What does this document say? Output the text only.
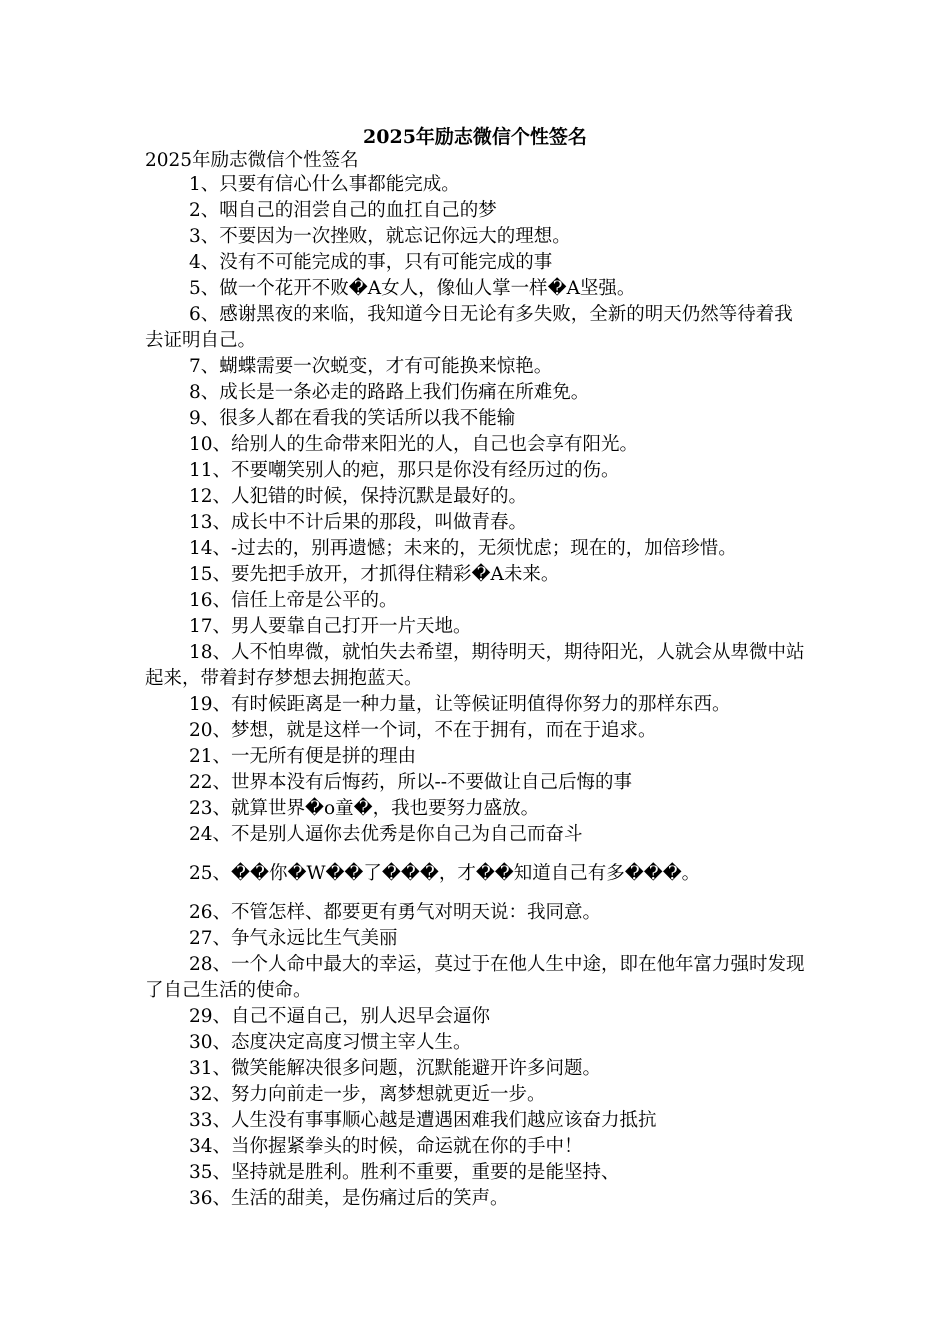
2025年励志微信个性签名

2025年励志微信个性签名

1、只要有信心什么事都能完成。
2、咽自己的泪尝自己的血扛自己的梦
3、不要因为一次挫败，就忘记你远大的理想。
4、没有不可能完成的事，只有可能完成的事
5、做一个花开不败�A女人，像仙人掌一样�A坚强。
6、感谢黑夜的来临，我知道今日无论有多失败，全新的明天仍然等待着我去证明自己。
7、蝴蝶需要一次蜕变，才有可能换来惊艳。
8、成长是一条必走的路路上我们伤痛在所难免。
9、很多人都在看我的笑话所以我不能输
10、给别人的生命带来阳光的人，自己也会享有阳光。
11、不要嘲笑别人的疤，那只是你没有经历过的伤。
12、人犯错的时候，保持沉默是最好的。
13、成长中不计后果的那段，叫做青春。
14、-过去的，别再遗憾；未来的，无须忧虑；现在的，加倍珍惜。
15、要先把手放开，才抓得住精彩�A未来。
16、信任上帝是公平的。
17、男人要靠自己打开一片天地。
18、人不怕卑微，就怕失去希望，期待明天，期待阳光，人就会从卑微中站起来，带着封存梦想去拥抱蓝天。
19、有时候距离是一种力量，让等候证明值得你努力的那样东西。
20、梦想，就是这样一个词，不在于拥有，而在于追求。
21、一无所有便是拼的理由
22、世界本没有后悔药，所以--不要做让自己后悔的事
23、就算世界�o童�，我也要努力盛放。
24、不是别人逼你去优秀是你自己为自己而奋斗
25、��你�W��了���，才��知道自己有多���。
26、不管怎样、都要更有勇气对明天说：我同意。
27、争气永远比生气美丽
28、一个人命中最大的幸运，莫过于在他人生中途，即在他年富力强时发现了自己生活的使命。
29、自己不逼自己，别人迟早会逼你
30、态度决定高度习惯主宰人生。
31、微笑能解决很多问题，沉默能避开许多问题。
32、努力向前走一步，离梦想就更近一步。
33、人生没有事事顺心越是遭遇困难我们越应该奋力抵抗
34、当你握紧拳头的时候，命运就在你的手中！
35、坚持就是胜利。胜利不重要，重要的是能坚持、
36、生活的甜美，是伤痛过后的笑声。
